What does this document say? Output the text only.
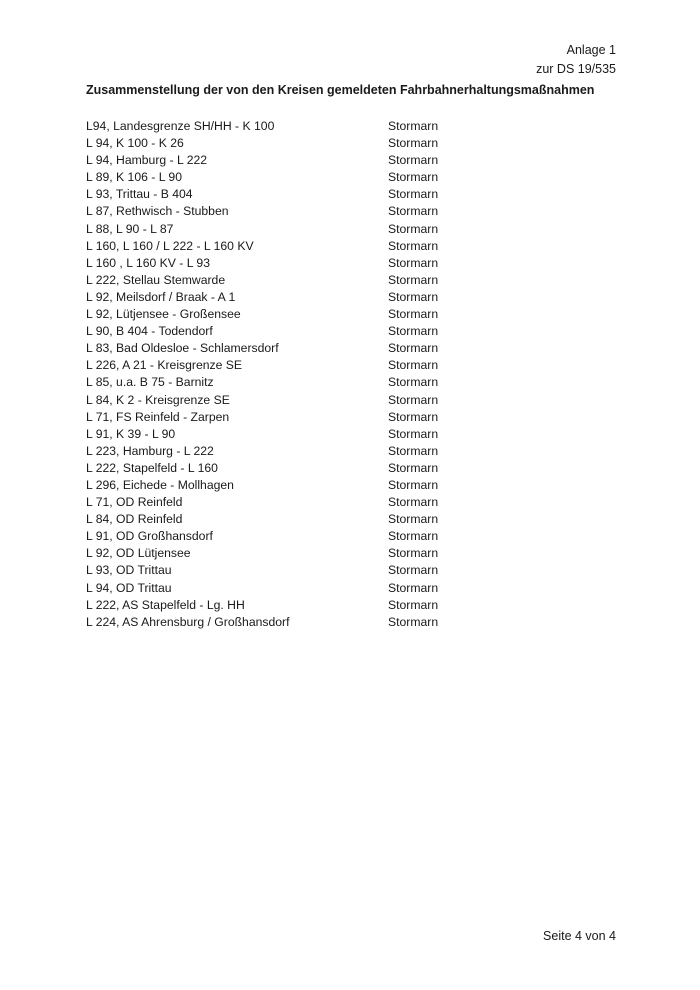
Anlage 1
zur DS 19/535
Zusammenstellung der von den Kreisen gemeldeten Fahrbahnerhaltungsmaßnahmen
L94, Landesgrenze SH/HH - K 100	Stormarn
L 94, K 100 - K 26	Stormarn
L 94, Hamburg - L 222	Stormarn
L 89, K 106 - L 90	Stormarn
L 93, Trittau - B 404	Stormarn
L 87, Rethwisch - Stubben	Stormarn
L 88, L 90 - L 87	Stormarn
L 160, L 160 / L 222 - L 160 KV	Stormarn
L 160 , L 160 KV - L 93	Stormarn
L 222, Stellau Stemwarde	Stormarn
L 92, Meilsdorf / Braak - A 1	Stormarn
L 92, Lütjensee - Großensee	Stormarn
L 90, B 404 - Todendorf	Stormarn
L 83, Bad Oldesloe - Schlamersdorf	Stormarn
L 226, A 21 - Kreisgrenze SE	Stormarn
L 85, u.a. B 75 - Barnitz	Stormarn
L 84, K 2 - Kreisgrenze SE	Stormarn
L 71, FS Reinfeld - Zarpen	Stormarn
L 91, K 39 - L 90	Stormarn
L 223, Hamburg - L 222	Stormarn
L 222, Stapelfeld - L 160	Stormarn
L 296, Eichede - Mollhagen	Stormarn
L 71, OD Reinfeld	Stormarn
L 84, OD Reinfeld	Stormarn
L 91, OD Großhansdorf	Stormarn
L 92, OD Lütjensee	Stormarn
L 93, OD Trittau	Stormarn
L 94, OD Trittau	Stormarn
L 222, AS Stapelfeld - Lg. HH	Stormarn
L 224, AS Ahrensburg / Großhansdorf	Stormarn
Seite 4 von 4
